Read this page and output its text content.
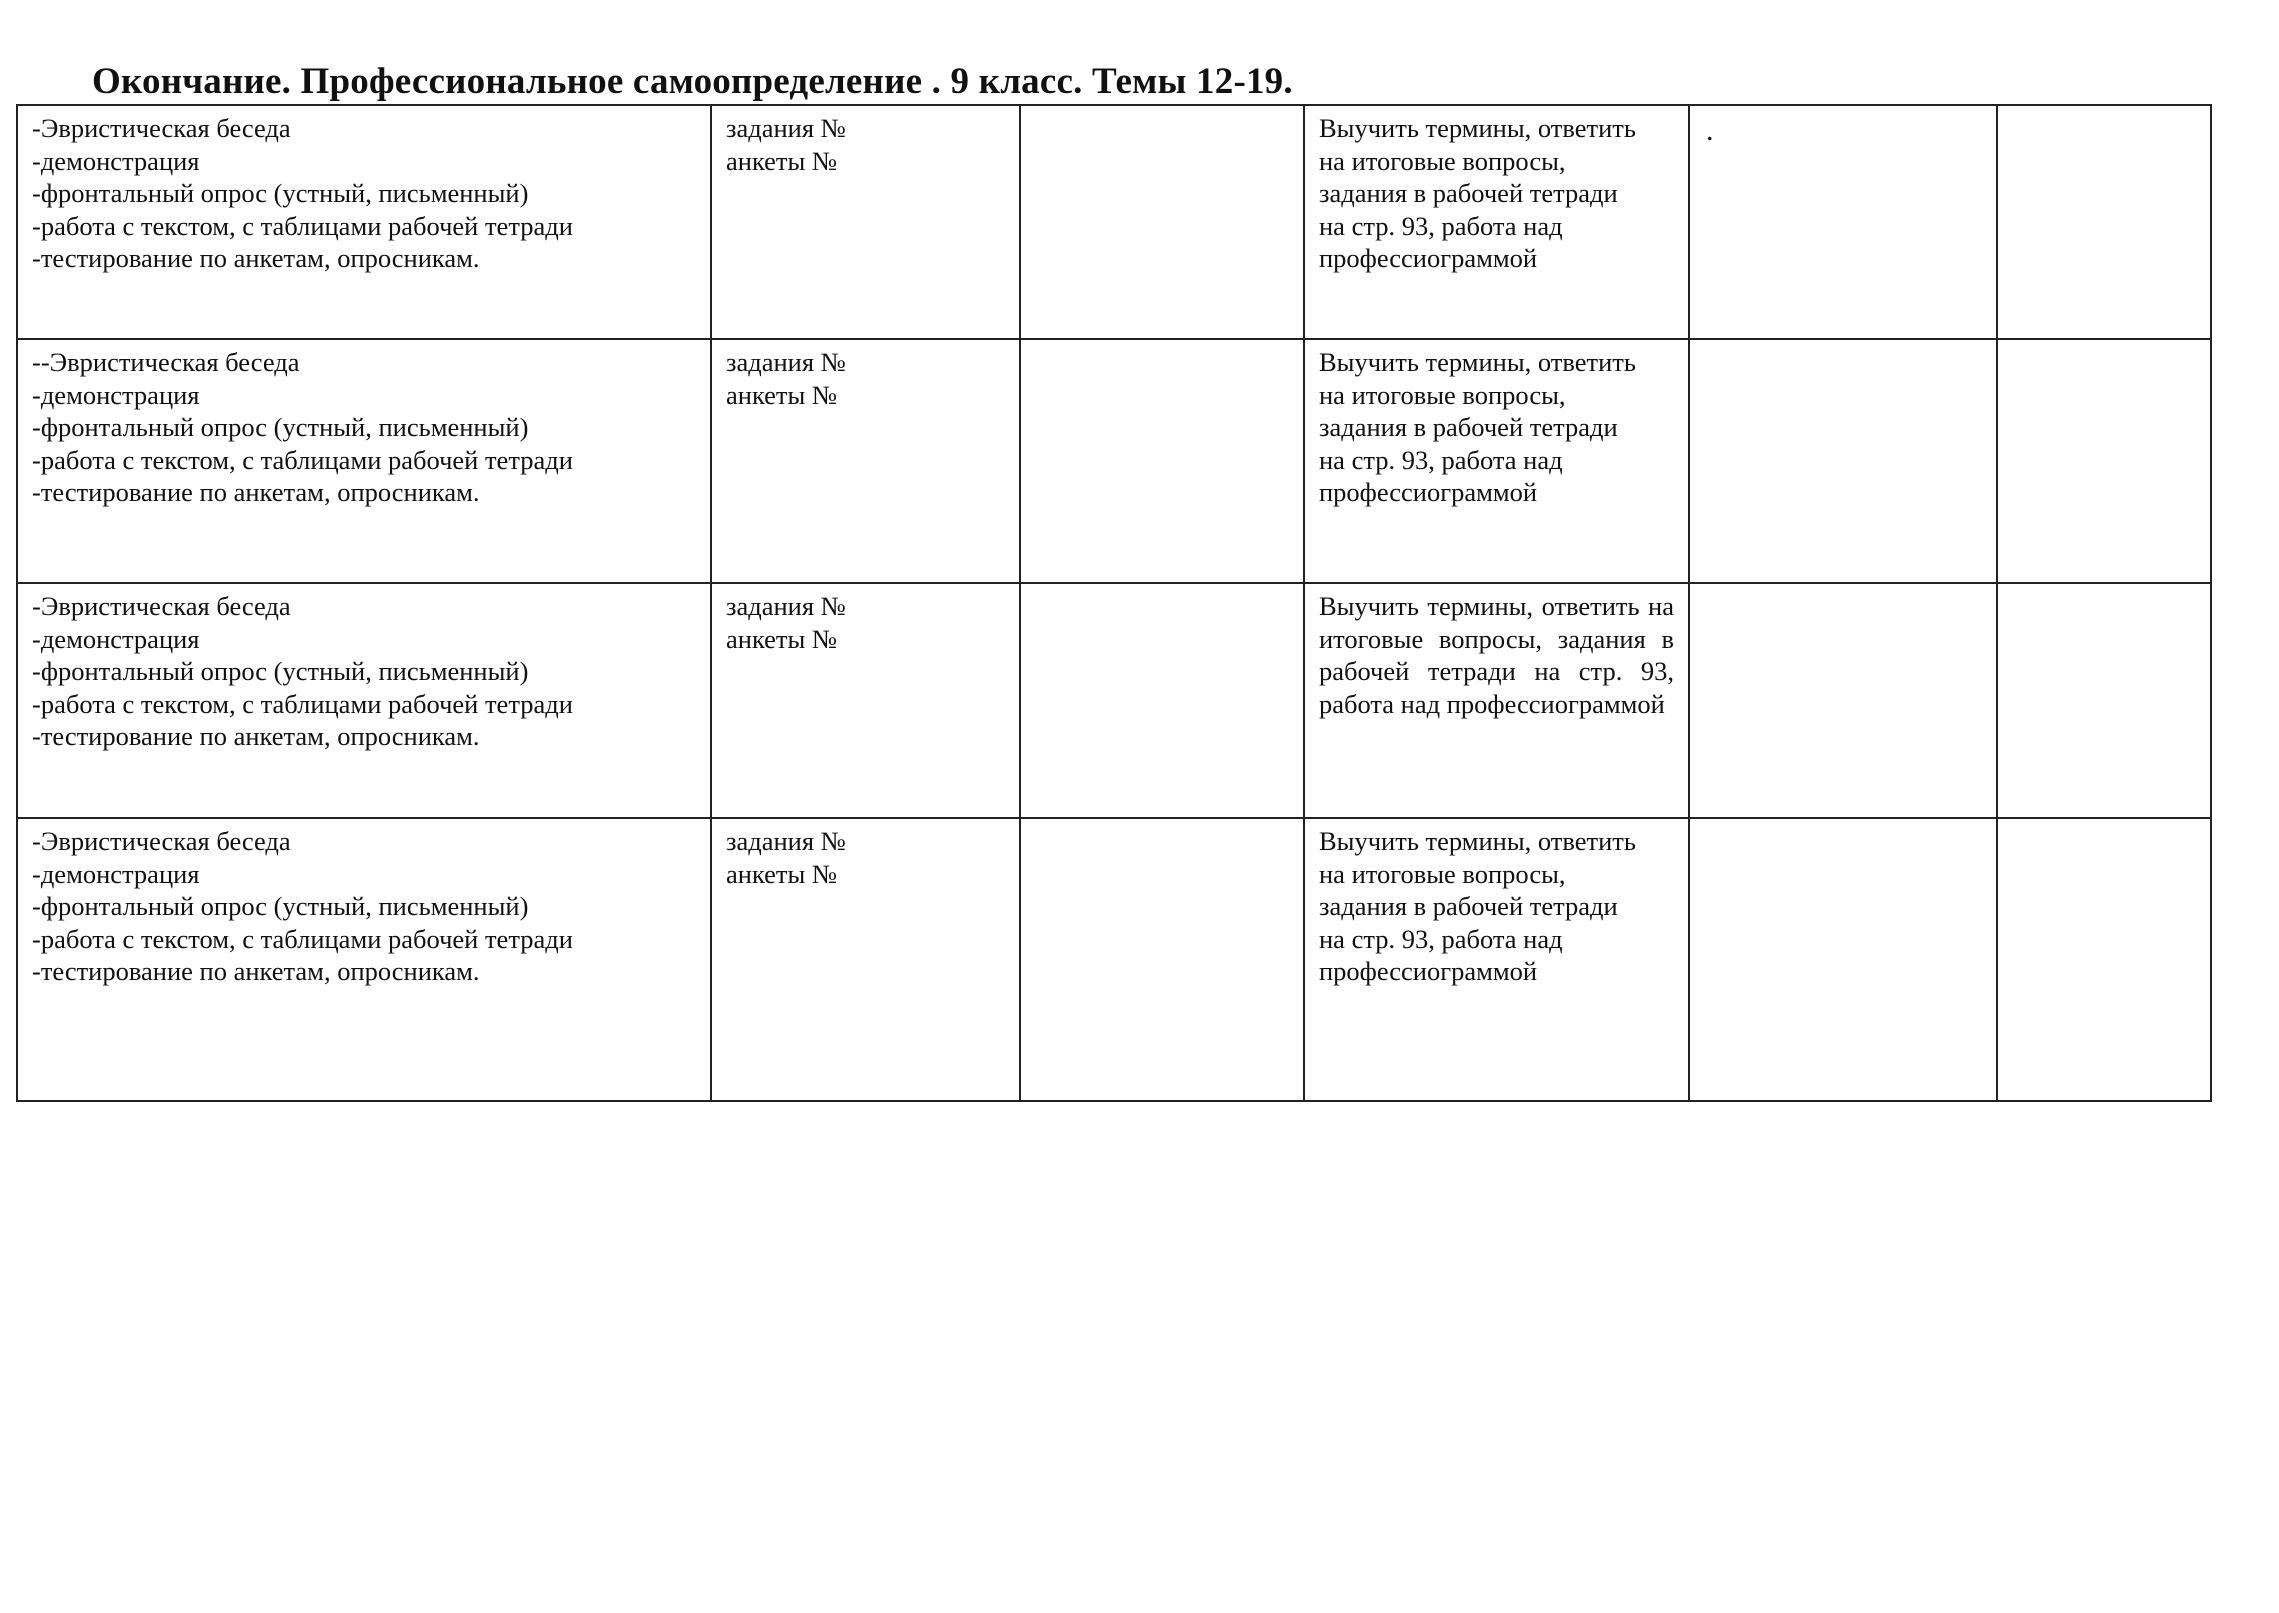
Окончание. Профессиональное самоопределение . 9 класс. Темы 12-19.
-Эвристическая беседа
-демонстрация
-фронтальный опрос (устный, письменный)
-работа с текстом, с таблицами рабочей тетради
-тестирование по анкетам, опросникам.	задания №
анкеты №		Выучить термины, ответить
на итоговые вопросы,
задания в рабочей тетради
на стр. 93, работа над
профессиограммой	.	

--Эвристическая беседа
-демонстрация
-фронтальный опрос (устный, письменный)
-работа с текстом, с таблицами рабочей тетради
-тестирование по анкетам, опросникам.	задания №
анкеты №		Выучить термины, ответить
на итоговые вопросы,
задания в рабочей тетради
на стр. 93, работа над
профессиограммой		

-Эвристическая беседа
-демонстрация
-фронтальный опрос (устный, письменный)
-работа с текстом, с таблицами рабочей тетради
-тестирование по анкетам, опросникам.	задания №
анкеты №		Выучить термины, ответить на итоговые вопросы, задания в рабочей тетради на стр. 93, работа над профессиограммой		

-Эвристическая беседа
-демонстрация
-фронтальный опрос (устный, письменный)
-работа с текстом, с таблицами рабочей тетради
-тестирование по анкетам, опросникам.	задания №
анкеты №		Выучить термины, ответить
на итоговые вопросы,
задания в рабочей тетради
на стр. 93, работа над
профессиограммой		
